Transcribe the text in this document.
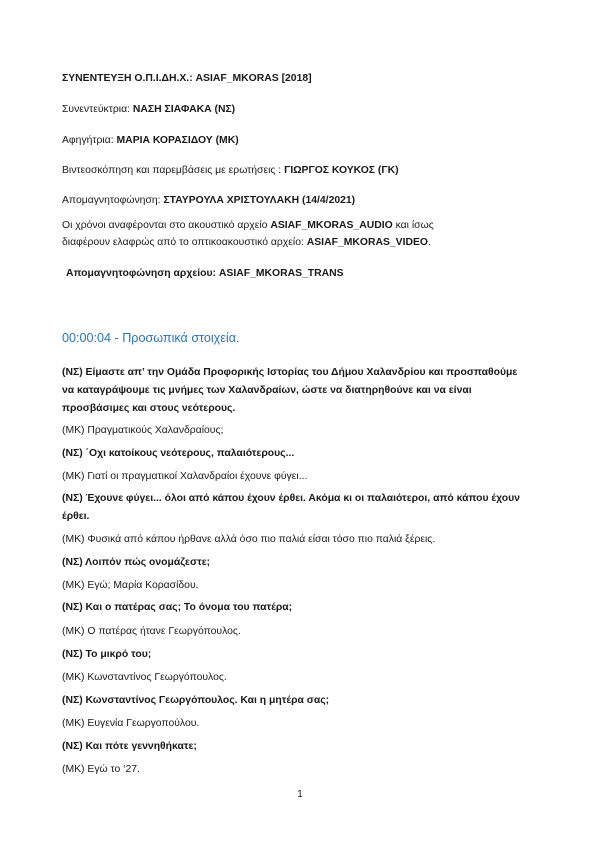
ΣΥΝΕΝΤΕΥΞΗ Ο.Π.Ι.ΔΗ.Χ.: ASIAF_MKORAS [2018]
Συνεντεύκτρια: ΝΑΣΗ ΣΙΑΦΑΚΑ (ΝΣ)
Αφηγήτρια: ΜΑΡΙΑ ΚΟΡΑΣΙΔΟΥ (ΜΚ)
Βιντεοσκόπηση και παρεμβάσεις με ερωτήσεις : ΓΙΩΡΓΟΣ ΚΟΥΚΟΣ (ΓΚ)
Απομαγνητοφώνηση: ΣΤΑΥΡΟΥΛΑ ΧΡΙΣΤΟΥΛΑΚΗ (14/4/2021)
Οι χρόνοι αναφέρονται στο ακουστικό αρχείο ASIAF_MKORAS_AUDIO και ίσως
διαφέρουν ελαφρώς από το οπτικοακουστικό αρχείο: ASIAF_MKORAS_VIDEO.
Απομαγνητοφώνηση αρχείου: ASIAF_MKORAS_TRANS
00:00:04 - Προσωπικά στοιχεία.
(ΝΣ) Είμαστε απ’ την Ομάδα Προφορικής Ιστορίας του Δήμου Χαλανδρίου και προσπαθούμε
να καταγράψουμε τις μνήμες των Χαλανδραίων, ώστε να διατηρηθούνε και να είναι
προσβάσιμες και στους νεότερους.
(ΜΚ) Πραγματικούς Χαλανδραίους;
(ΝΣ) ΄Οχι κατοίκους νεότερους, παλαιότερους...
(ΜΚ) Γιατί οι πραγματικοί Χαλανδραίοι έχουνε φύγει...
(ΝΣ) Έχουνε φύγει... όλοι από κάπου έχουν έρθει. Ακόμα κι οι παλαιότεροι, από κάπου έχουν
έρθει.
(ΜΚ) Φυσικά από κάπου ήρθανε αλλά όσο πιο παλιά είσαι τόσο πιο παλιά ξέρεις.
(ΝΣ) Λοιπόν πώς ονομάζεστε;
(ΜΚ) Εγώ; Μαρία Κορασίδου.
(ΝΣ) Και ο πατέρας σας; Το όνομα του πατέρα;
(ΜΚ) Ο πατέρας ήτανε Γεωργόπουλος.
(ΝΣ) Το μικρό του;
(ΜΚ) Κωνσταντίνος Γεωργόπουλος.
(ΝΣ) Κωνσταντίνος Γεωργόπουλος. Και η μητέρα σας;
(ΜΚ) Ευγενία Γεωργοπούλου.
(ΝΣ) Και πότε γεννηθήκατε;
(ΜΚ) Εγώ το ‘27.
1
